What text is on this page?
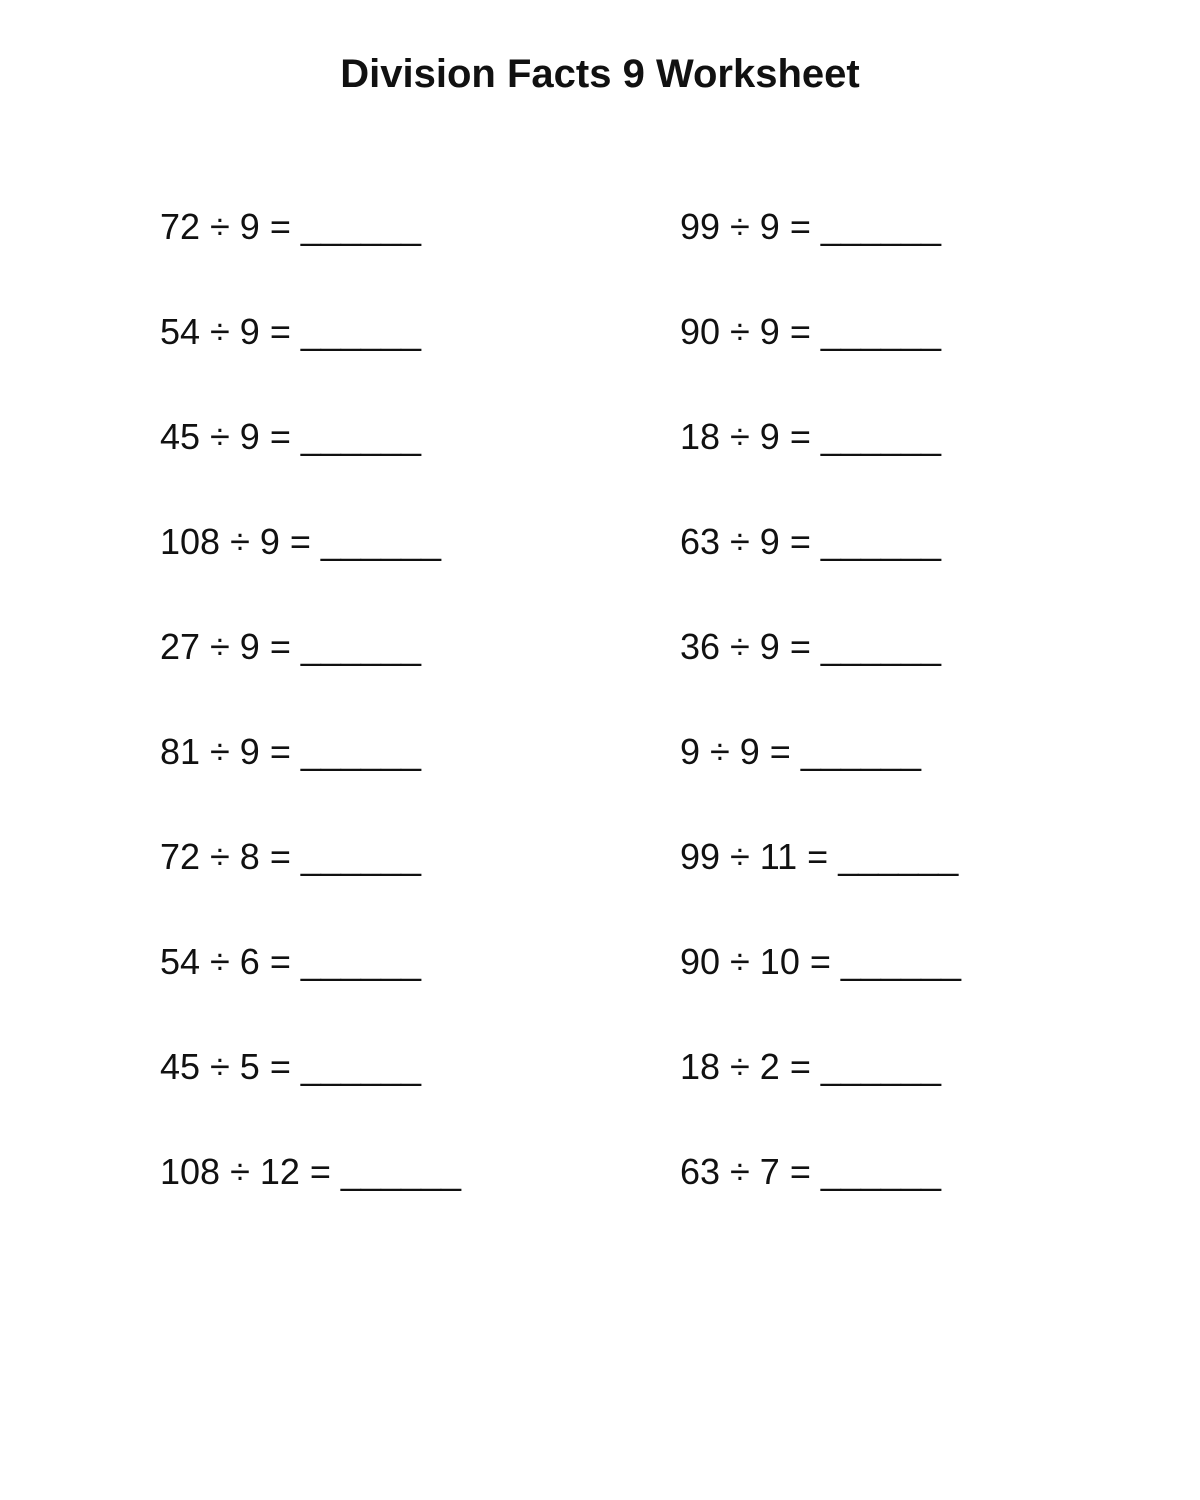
Division Facts 9 Worksheet
72 ÷ 9 = ______
54 ÷ 9 = ______
45 ÷ 9 = ______
108 ÷ 9 = ______
27 ÷ 9 = ______
81 ÷ 9 = ______
72 ÷ 8 = ______
54 ÷ 6 = ______
45 ÷ 5 = ______
108 ÷ 12 = ______
99 ÷ 9 = ______
90 ÷ 9 = ______
18 ÷ 9 = ______
63 ÷ 9 = ______
36 ÷ 9 = ______
9 ÷ 9 = ______
99 ÷ 11 = ______
90 ÷ 10 = ______
18 ÷ 2 = ______
63 ÷ 7 = ______
